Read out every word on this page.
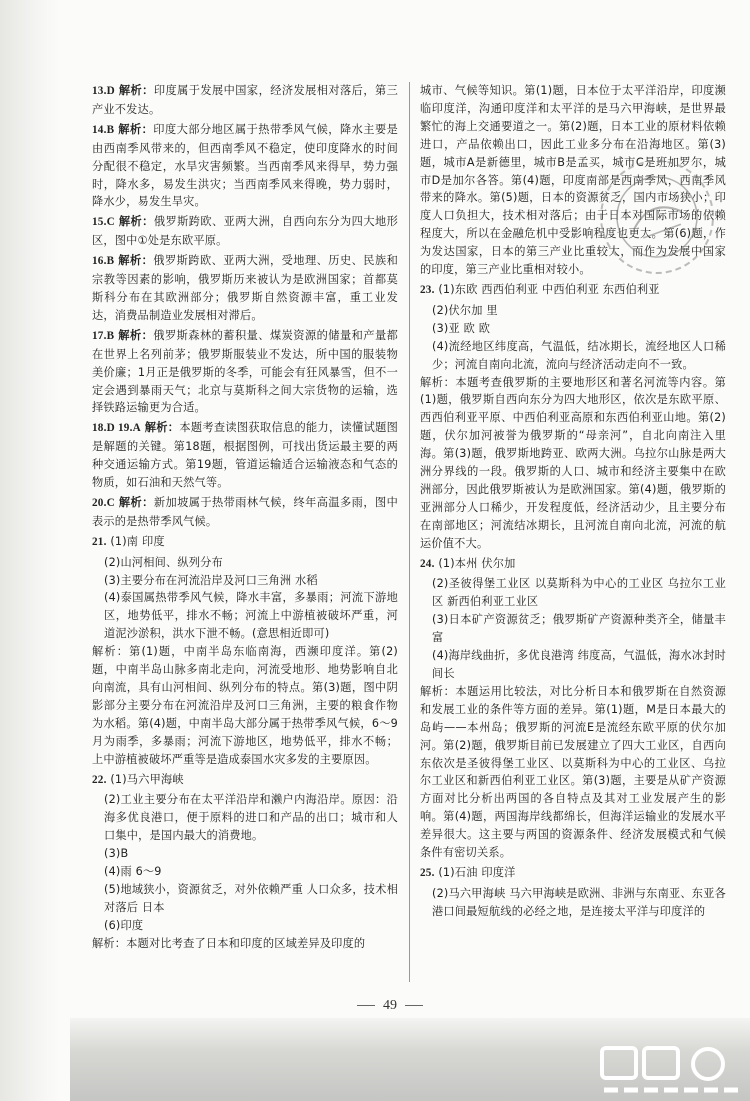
13.D 解析：印度属于发展中国家，经济发展相对落后，第三产业不发达。
14.B 解析：印度大部分地区属于热带季风气候，降水主要是由西南季风带来的，但西南季风不稳定，使印度降水的时间分配很不稳定，水旱灾害频繁。当西南季风来得早，势力强时，降水多，易发生洪灾；当西南季风来得晚，势力弱时，降水少，易发生旱灾。
15.C 解析：俄罗斯跨欧、亚两大洲，自西向东分为四大地形区，图中①处是东欧平原。
16.B 解析：俄罗斯跨欧、亚两大洲，受地理、历史、民族和宗教等因素的影响，俄罗斯历来被认为是欧洲国家；首都莫斯科分布在其欧洲部分；俄罗斯自然资源丰富，重工业发达，消费品制造业发展相对滞后。
17.B 解析：俄罗斯森林的蓄积量、煤炭资源的储量和产量都在世界上名列前茅；俄罗斯服装业不发达，所中国的服装物美价廉；1月正是俄罗斯的冬季，可能会有狂风暴雪，但不一定会遇到暴雨天气；北京与莫斯科之间大宗货物的运输，选择铁路运输更为合适。
18.D 19.A 解析：本题考查读图获取信息的能力，读懂试题图是解题的关键。第18题，根据图例，可找出货运最主要的两种交通运输方式。第19题，管道运输适合运输液态和气态的物质，如石油和天然气等。
20.C 解析：新加坡属于热带雨林气候，终年高温多雨，图中表示的是热带季风气候。
21. (1)南 印度
(2)山河相间、纵列分布
(3)主要分布在河流沿岸及河口三角洲 水稻
(4)泰国属热带季风气候，降水丰富，多暴雨；河流下游地区，地势低平，排水不畅；河流上中游植被破坏严重，河道泥沙淤积，洪水下泄不畅。(意思相近即可)
解析：第(1)题，中南半岛东临南海，西濒印度洋。第(2)题，中南半岛山脉多南北走向，河流受地形、地势影响自北向南流，具有山河相间、纵列分布的特点。第(3)题，图中阴影部分主要分布在河流沿岸及河口三角洲，主要的粮食作物为水稻。第(4)题，中南半岛大部分属于热带季风气候，6～9月为雨季，多暴雨；河流下游地区，地势低平，排水不畅；上中游植被破坏严重等是造成泰国水灾多发的主要原因。
22. (1)马六甲海峡
(2)工业主要分布在太平洋沿岸和濑户内海沿岸。原因：沿海多优良港口，便于原料的进口和产品的出口；城市和人口集中，是国内最大的消费地。
(3)B
(4)雨 6～9
(5)地域狭小，资源贫乏，对外依赖严重 人口众多，技术相对落后 日本
(6)印度
解析：本题对比考查了日本和印度的区域差异及印度的
城市、气候等知识。第(1)题，日本位于太平洋沿岸，印度濒临印度洋，沟通印度洋和太平洋的是马六甲海峡，是世界最繁忙的海上交通要道之一。第(2)题，日本工业的原材料依赖进口，产品依赖出口，因此工业多分布在沿海地区。第(3)题，城市A是新德里，城市B是孟买，城市C是班加罗尔，城市D是加尔各答。第(4)题，印度南部是西南季风，西南季风带来的降水。第(5)题，日本的资源贫乏，国内市场狭小；印度人口负担大，技术相对落后；由于日本对国际市场的依赖程度大，所以在金融危机中受影响程度也更大。第(6)题，作为发达国家，日本的第三产业比重较大，而作为发展中国家的印度，第三产业比重相对较小。
23. (1)东欧 西西伯利亚 中西伯利亚 东西伯利亚
(2)伏尔加 里
(3)亚 欧 欧
(4)流经地区纬度高，气温低，结冰期长，流经地区人口稀少；河流自南向北流，流向与经济活动走向不一致。
解析：本题考查俄罗斯的主要地形区和著名河流等内容。第(1)题，俄罗斯自西向东分为四大地形区，依次是东欧平原、西西伯利亚平原、中西伯利亚高原和东西伯利亚山地。第(2)题，伏尔加河被誉为俄罗斯的“母亲河”，自北向南注入里海。第(3)题，俄罗斯地跨亚、欧两大洲。乌拉尔山脉是两大洲分界线的一段。俄罗斯的人口、城市和经济主要集中在欧洲部分，因此俄罗斯被认为是欧洲国家。第(4)题，俄罗斯的亚洲部分人口稀少，开发程度低，经济活动少，且主要分布在南部地区；河流结冰期长，且河流自南向北流，河流的航运价值不大。
24. (1)本州 伏尔加
(2)圣彼得堡工业区 以莫斯科为中心的工业区 乌拉尔工业区 新西伯利亚工业区
(3)日本矿产资源贫乏；俄罗斯矿产资源种类齐全，储量丰富
(4)海岸线曲折，多优良港湾 纬度高，气温低，海水冰封时间长
解析：本题运用比较法，对比分析日本和俄罗斯在自然资源和发展工业的条件等方面的差异。第(1)题，M是日本最大的岛屿——本州岛；俄罗斯的河流E是流经东欧平原的伏尔加河。第(2)题，俄罗斯目前已发展建立了四大工业区，自西向东依次是圣彼得堡工业区、以莫斯科为中心的工业区、乌拉尔工业区和新西伯利亚工业区。第(3)题，主要是从矿产资源方面对比分析出两国的各自特点及其对工业发展产生的影响。第(4)题，两国海岸线都绵长，但海洋运输业的发展水平差异很大。这主要与两国的资源条件、经济发展模式和气候条件有密切关系。
25. (1)石油 印度洋
(2)马六甲海峡 马六甲海峡是欧洲、非洲与东南亚、东亚各港口间最短航线的必经之地，是连接太平洋与印度洋的
49
